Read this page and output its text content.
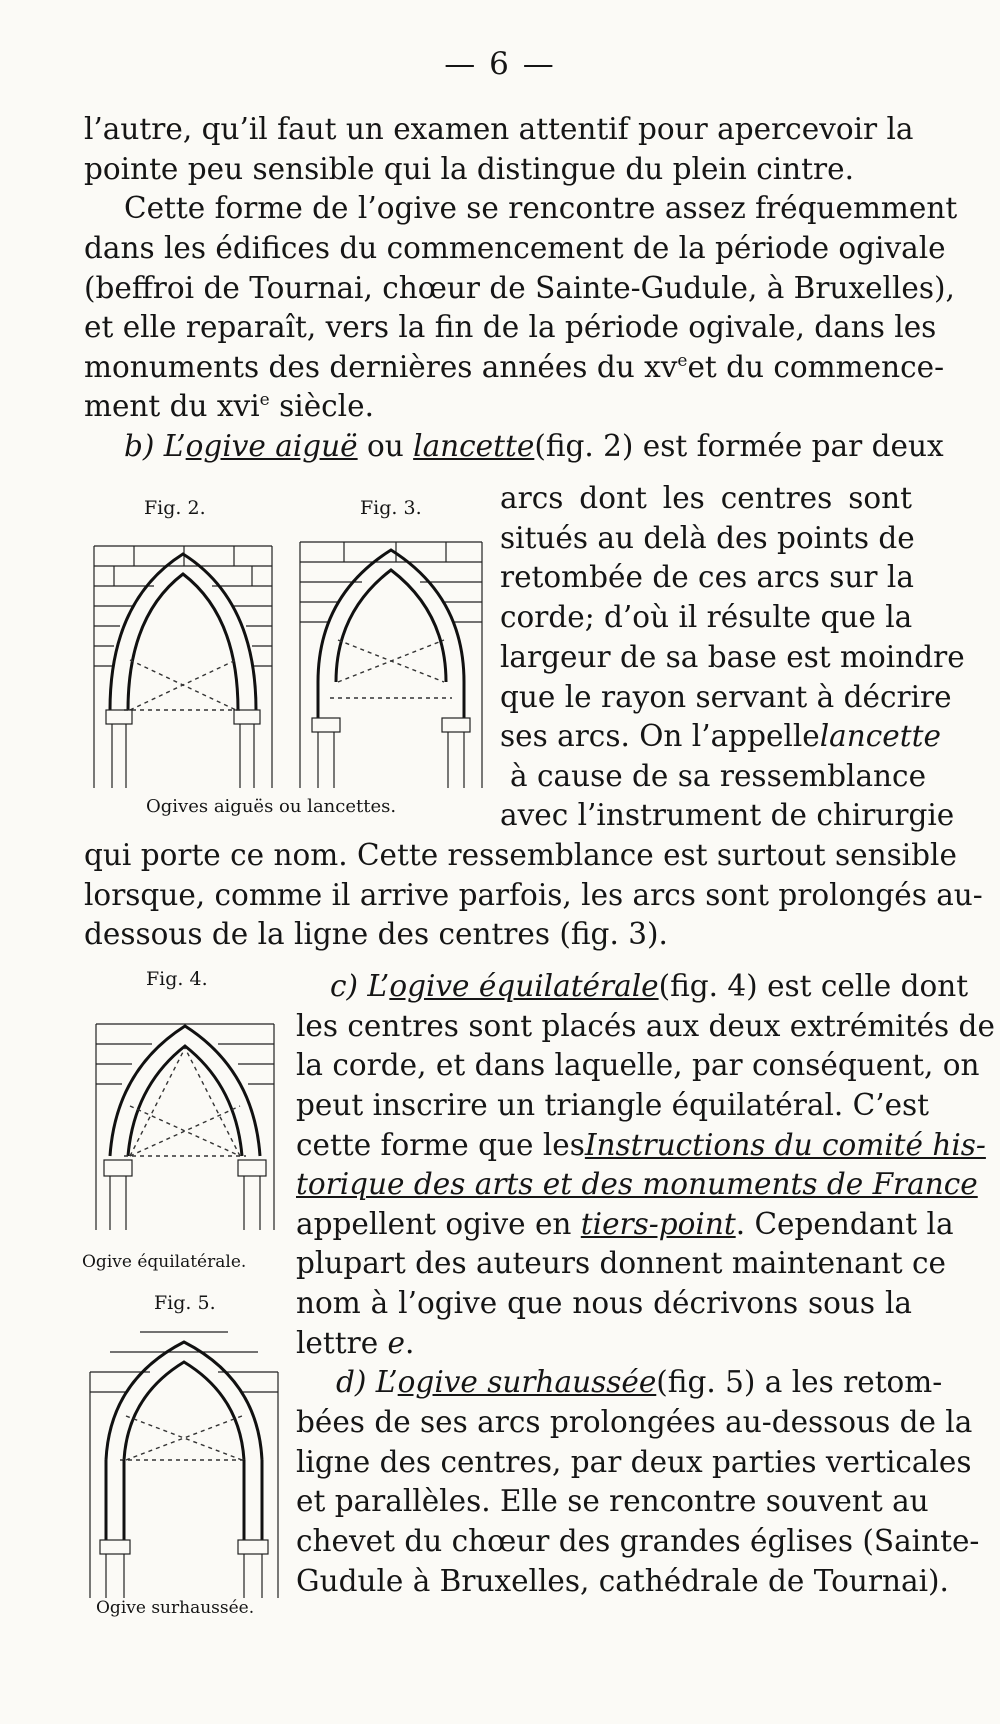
— 6 —
l’autre, qu’il faut un examen attentif pour apercevoir la
pointe peu sensible qui la distingue du plein cintre.
Cette forme de l’ogive se rencontre assez fréquemment
dans les édifices du commencement de la période ogivale
(beffroi de Tournai, chœur de Sainte-Gudule, à Bruxelles),
et elle reparaît, vers la fin de la période ogivale, dans les
monuments des dernières années du $xv^e$ et du commence-
ment du xvi$^e$ siècle.
b) L’ogive aiguë ou lancette (fig. 2) est formée par deux
Fig. 2.	Fig. 3.
Ogives aiguës ou lancettes.
arcs dont les centres sont
situés au delà des points de
retombée de ces arcs sur la
corde; d’où il résulte que la
largeur de sa base est moindre
que le rayon servant à décrire
ses arcs. On l’appelle lancette
à cause de sa ressemblance
avec l’instrument de chirurgie
qui porte ce nom. Cette ressemblance est surtout sensible
lorsque, comme il arrive parfois, les arcs sont prolongés au-
dessous de la ligne des centres (fig. 3).
Fig. 4.
Ogive équilatérale.
c) L’ogive équilatérale (fig. 4) est celle dont
les centres sont placés aux deux extrémités de
la corde, et dans laquelle, par conséquent, on
peut inscrire un triangle équilatéral. C’est
cette forme que les Instructions du comité his-
torique des arts et des monuments de France
appellent ogive en tiers-point . Cependant la
plupart des auteurs donnent maintenant ce
nom à l’ogive que nous décrivons sous la
lettre e.
Fig. 5.
Ogive surhaussée.
d) L’ogive surhaussée (fig. 5) a les retom-
bées de ses arcs prolongées au-dessous de la
ligne des centres, par deux parties verticales
et parallèles. Elle se rencontre souvent au
chevet du chœur des grandes églises (Sainte-
Gudule à Bruxelles, cathédrale de Tournai).
